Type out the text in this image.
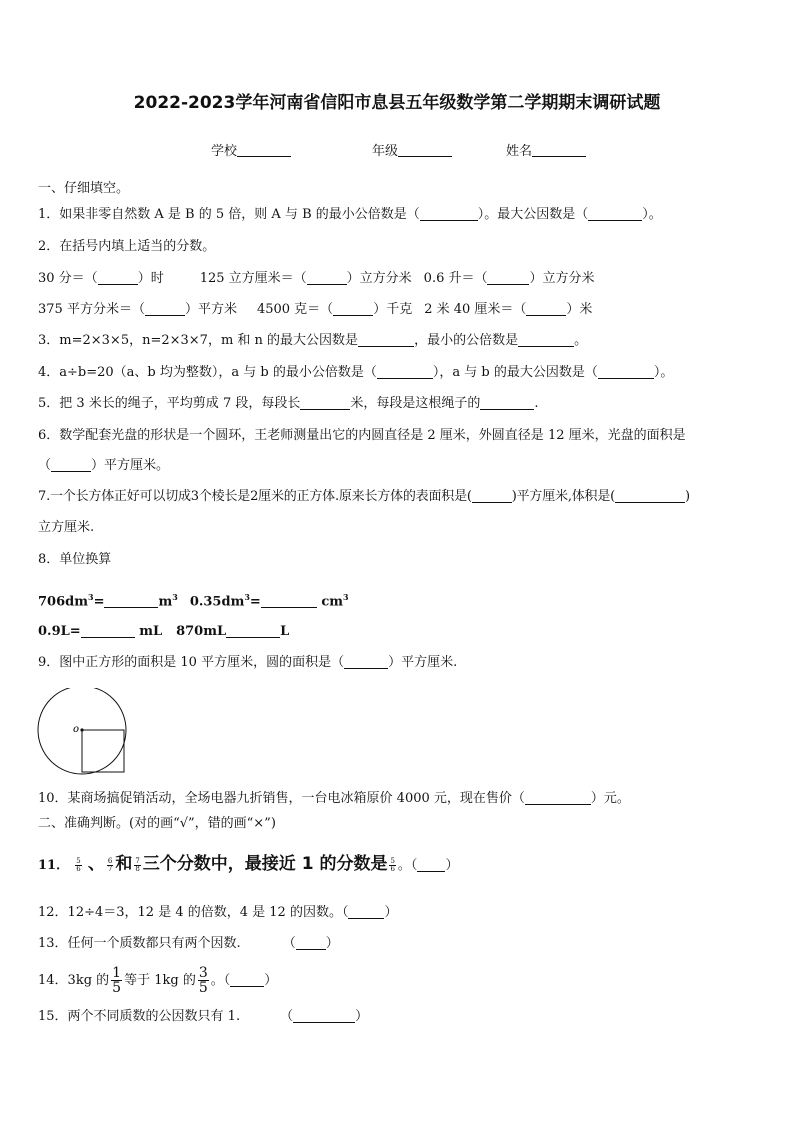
2022-2023学年河南省信阳市息县五年级数学第二学期期末调研试题
学校	年级	姓名
一、仔细填空。
1．如果非零自然数 A 是 B 的 5 倍，则 A 与 B 的最小公倍数是（	）。最大公因数是（	）。
2．在括号内填上适当的分数。
30 分＝（	）时	125 立方厘米＝（	）立方分米 0.6 升＝（	）立方分米
375 平方分米＝（	）平方米 4500 克＝（	）千克 2 米 40 厘米＝（	）米
3．m=2×3×5，n=2×3×7，m 和 n 的最大公因数是	，最小的公倍数是	。
4．a÷b=20（a、b 均为整数），a 与 b 的最小公倍数是（	），a 与 b 的最大公因数是（	）。
5．把 3 米长的绳子，平均剪成 7 段，每段长	米，每段是这根绳子的	.
6．数学配套光盘的形状是一个圆环，王老师测量出它的内圆直径是 2 厘米，外圆直径是 12 厘米，光盘的面积是
（	）平方厘米。
7.一个长方体正好可以切成3个棱长是2厘米的正方体.原来长方体的表面积是(	)平方厘米,体积是(	)
立方厘米.
8．单位换算
$706dm^3=$	$m^3$ $0.35dm^3=$	$cm^3$
0.9L=	mL 870mL	L
9．图中正方形的面积是 10 平方厘米，圆的面积是（	）平方厘米.
o
10．某商场搞促销活动，全场电器九折销售，一台电冰箱原价 4000 元，现在售价（	）元。
二、准确判断。(对的画“√”，错的画“×”)
11． $\frac{5}{6}$ 、 $\frac{6}{7}$ 和 $\frac{7}{8}$ 三个分数中，最接近 1 的分数是 $\frac{5}{6}$ 。（ ）
12．12÷4＝3，12 是 4 的倍数，4 是 12 的因数。（	）
13．任何一个质数都只有两个因数.	（ ）
14．3kg 的 $\frac{1}{5}$ 等于 1kg 的 $\frac{3}{5}$ 。（	）
15．两个不同质数的公因数只有 1.	（	）
